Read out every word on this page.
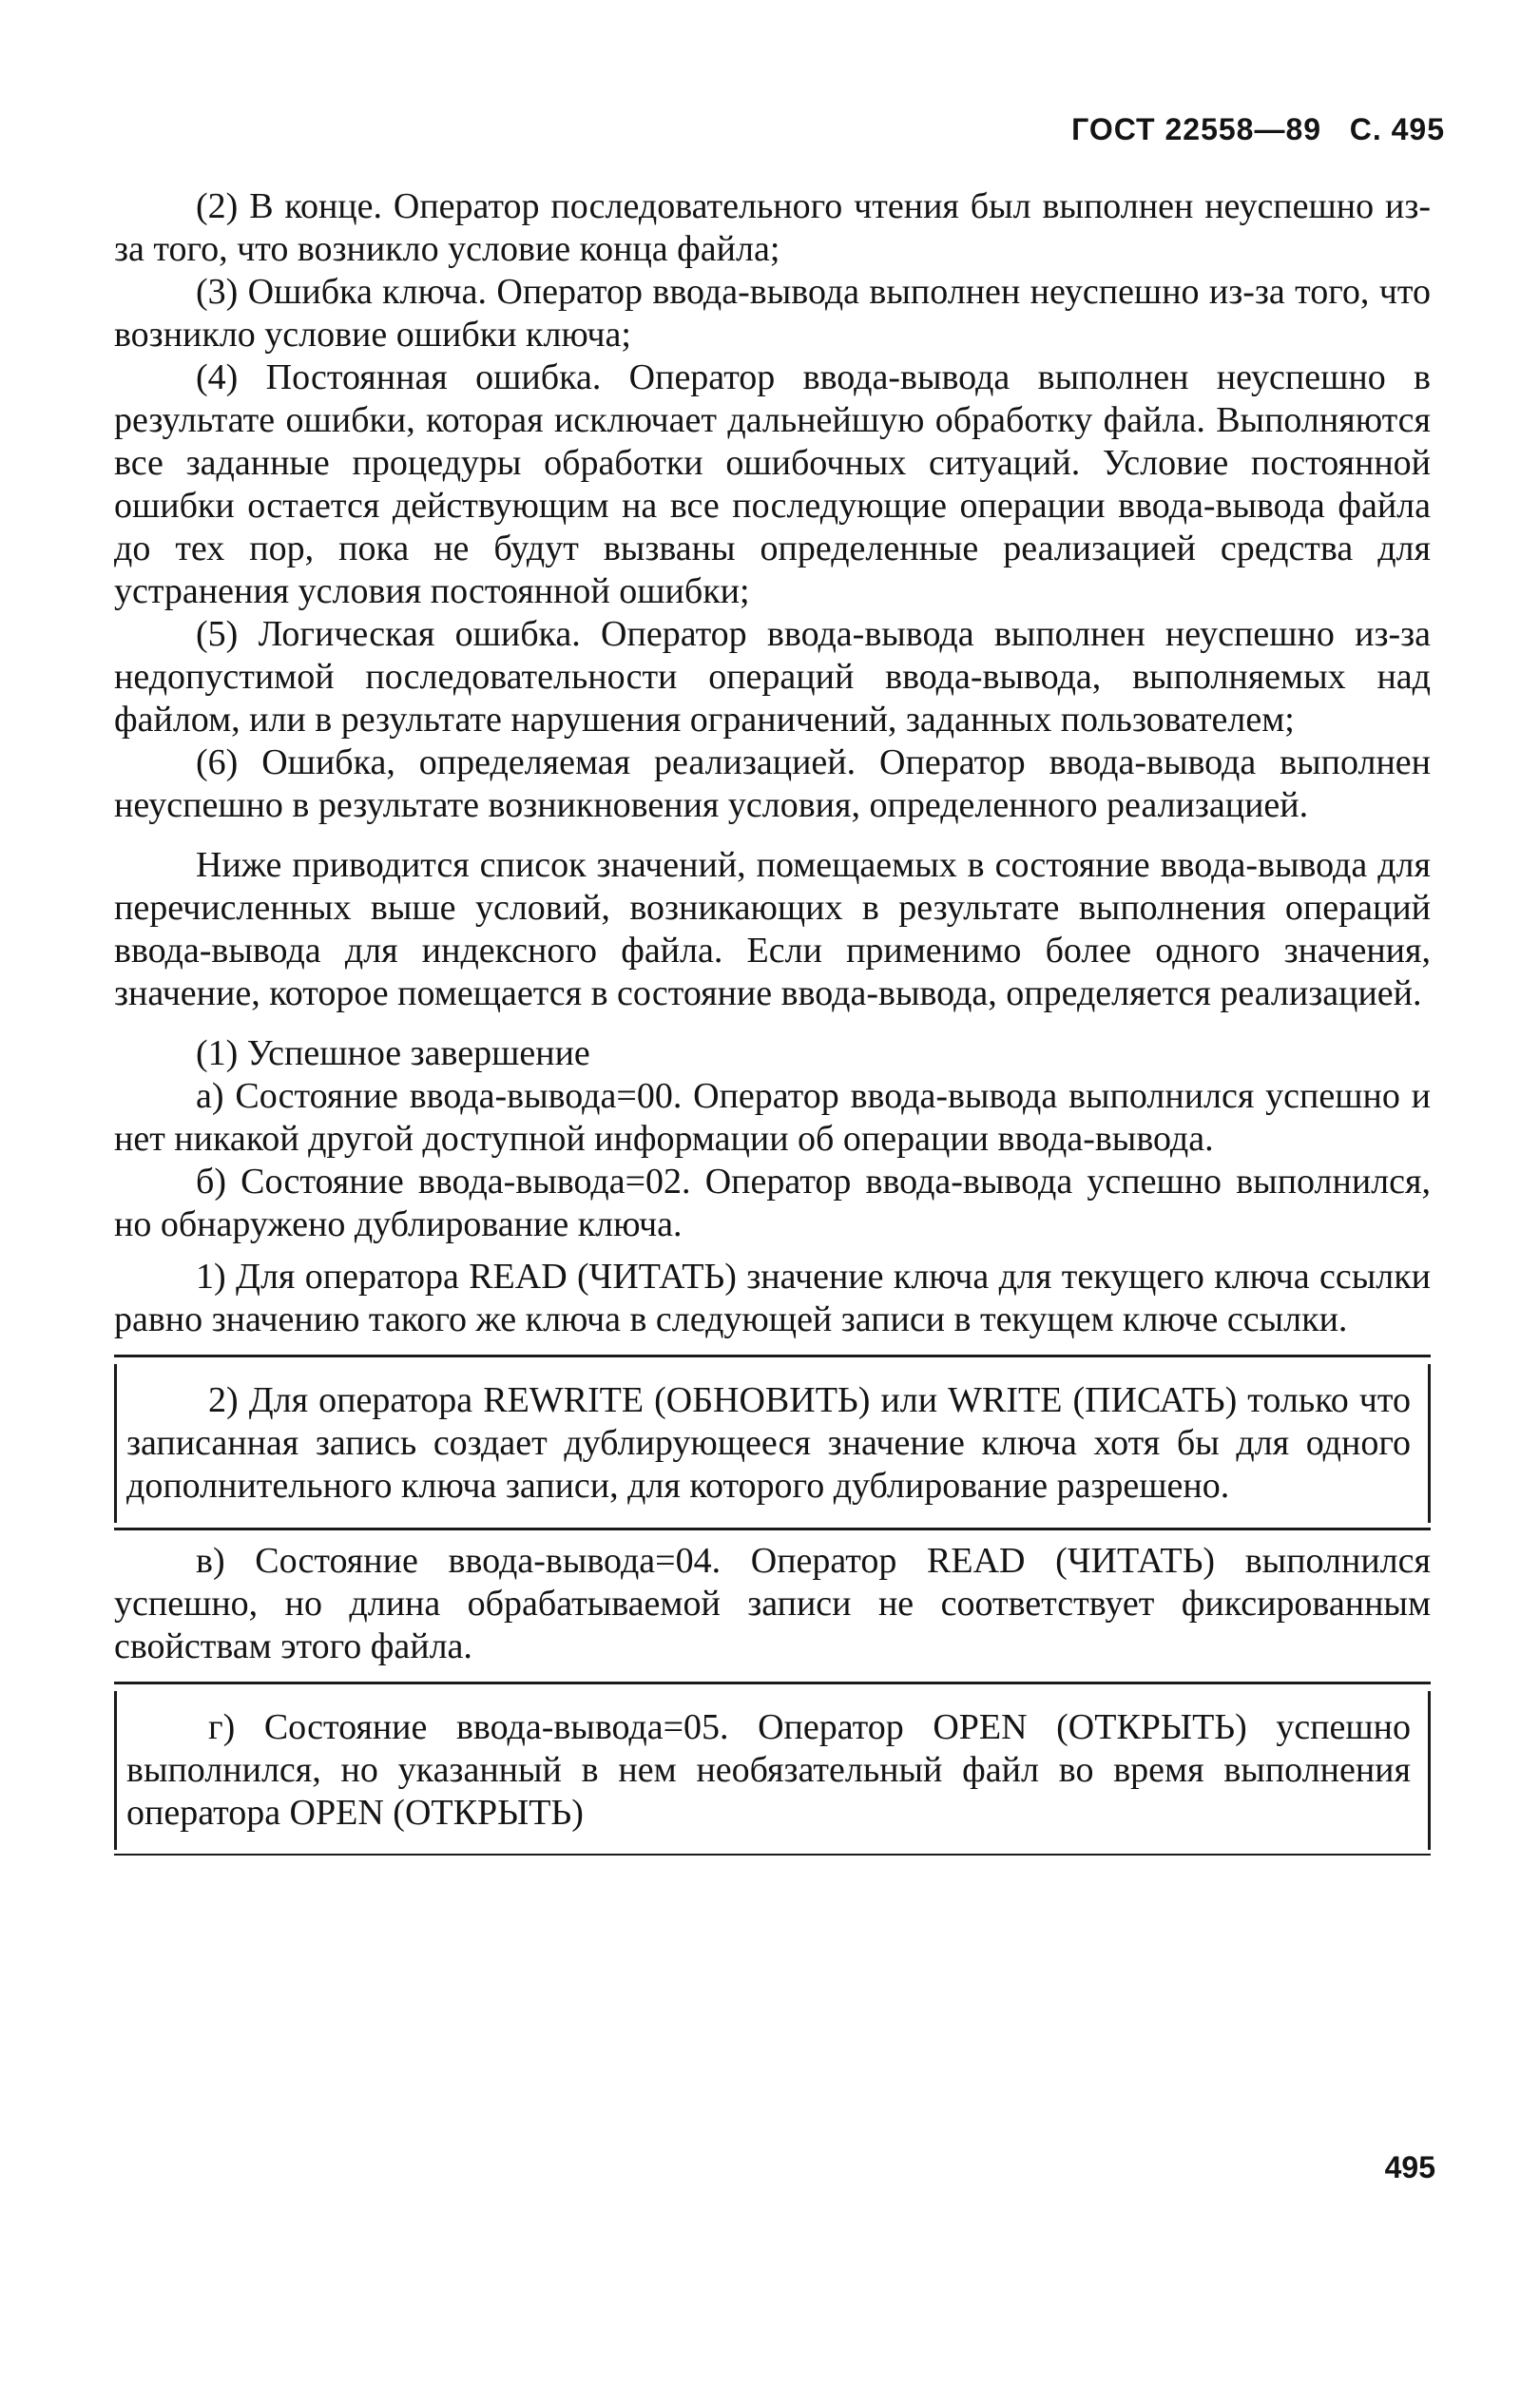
ГОСТ 22558—89 С. 495

(2) В конце. Оператор последовательного чтения был выполнен неуспешно из-за того, что возникло условие конца файла;

(3) Ошибка ключа. Оператор ввода-вывода выполнен неуспешно из-за того, что возникло условие ошибки ключа;

(4) Постоянная ошибка. Оператор ввода-вывода выполнен неуспешно в результате ошибки, которая исключает дальнейшую обработку файла. Выполняются все заданные процедуры обработки ошибочных ситуаций. Условие постоянной ошибки остается действующим на все последующие операции ввода-вывода файла до тех пор, пока не будут вызваны определенные реализацией средства для устранения условия постоянной ошибки;

(5) Логическая ошибка. Оператор ввода-вывода выполнен неуспешно из-за недопустимой последовательности операций ввода-вывода, выполняемых над файлом, или в результате нарушения ограничений, заданных пользователем;

(6) Ошибка, определяемая реализацией. Оператор ввода-вывода выполнен неуспешно в результате возникновения условия, определенного реализацией.

Ниже приводится список значений, помещаемых в состояние ввода-вывода для перечисленных выше условий, возникающих в результате выполнения операций ввода-вывода для индексного файла. Если применимо более одного значения, значение, которое помещается в состояние ввода-вывода, определяется реализацией.

(1) Успешное завершение

а) Состояние ввода-вывода=00. Оператор ввода-вывода выполнился успешно и нет никакой другой доступной информации об операции ввода-вывода.

б) Состояние ввода-вывода=02. Оператор ввода-вывода успешно выполнился, но обнаружено дублирование ключа.

1) Для оператора READ (ЧИТАТЬ) значение ключа для текущего ключа ссылки равно значению такого же ключа в следующей записи в текущем ключе ссылки.

2) Для оператора REWRITE (ОБНОВИТЬ) или WRITE (ПИСАТЬ) только что записанная запись создает дублирующееся значение ключа хотя бы для одного дополнительного ключа записи, для которого дублирование разрешено.

в) Состояние ввода-вывода=04. Оператор READ (ЧИТАТЬ) выполнился успешно, но длина обрабатываемой записи не соответствует фиксированным свойствам этого файла.

г) Состояние ввода-вывода=05. Оператор OPEN (ОТКРЫТЬ) успешно выполнился, но указанный в нем необязательный файл во время выполнения оператора OPEN (ОТКРЫТЬ)

495
